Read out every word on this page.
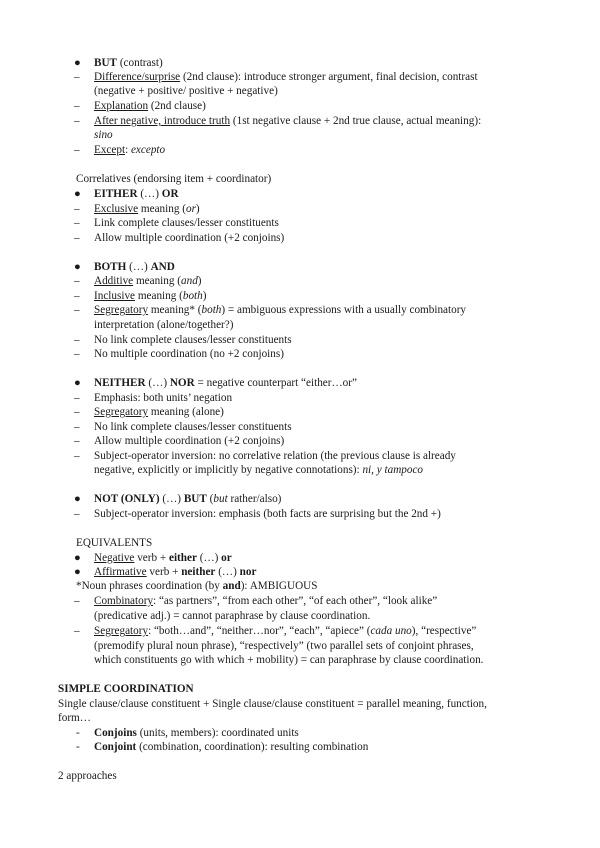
● BUT (contrast)
– Difference/surprise (2nd clause): introduce stronger argument, final decision, contrast
(negative + positive/ positive + negative)
– Explanation (2nd clause)
– After negative, introduce truth (1st negative clause + 2nd true clause, actual meaning):
sino
– Except: excepto
Correlatives (endorsing item + coordinator)
● EITHER (…) OR
– Exclusive meaning (or)
– Link complete clauses/lesser constituents
– Allow multiple coordination (+2 conjoins)
● BOTH (…) AND
– Additive meaning (and)
– Inclusive meaning (both)
– Segregatory meaning* (both) = ambiguous expressions with a usually combinatory
interpretation (alone/together?)
– No link complete clauses/lesser constituents
– No multiple coordination (no +2 conjoins)
● NEITHER (…) NOR = negative counterpart “either…or”
– Emphasis: both units’ negation
– Segregatory meaning (alone)
– No link complete clauses/lesser constituents
– Allow multiple coordination (+2 conjoins)
– Subject-operator inversion: no correlative relation (the previous clause is already
negative, explicitly or implicitly by negative connotations): ni, y tampoco
● NOT (ONLY) (…) BUT (but rather/also)
– Subject-operator inversion: emphasis (both facts are surprising but the 2nd +)
EQUIVALENTS
● Negative verb + either (…) or
● Affirmative verb + neither (…) nor
*Noun phrases coordination (by and): AMBIGUOUS
– Combinatory: “as partners”, “from each other”, “of each other”, “look alike”
(predicative adj.) = cannot paraphrase by clause coordination.
– Segregatory: “both…and”, “neither…nor”, “each”, “apiece” (cada uno), “respective”
(premodify plural noun phrase), “respectively” (two parallel sets of conjoint phrases,
which constituents go with which + mobility) = can paraphrase by clause coordination.
SIMPLE COORDINATION
Single clause/clause constituent + Single clause/clause constituent = parallel meaning, function,
form…
- Conjoins (units, members): coordinated units
- Conjoint (combination, coordination): resulting combination
2 approaches
